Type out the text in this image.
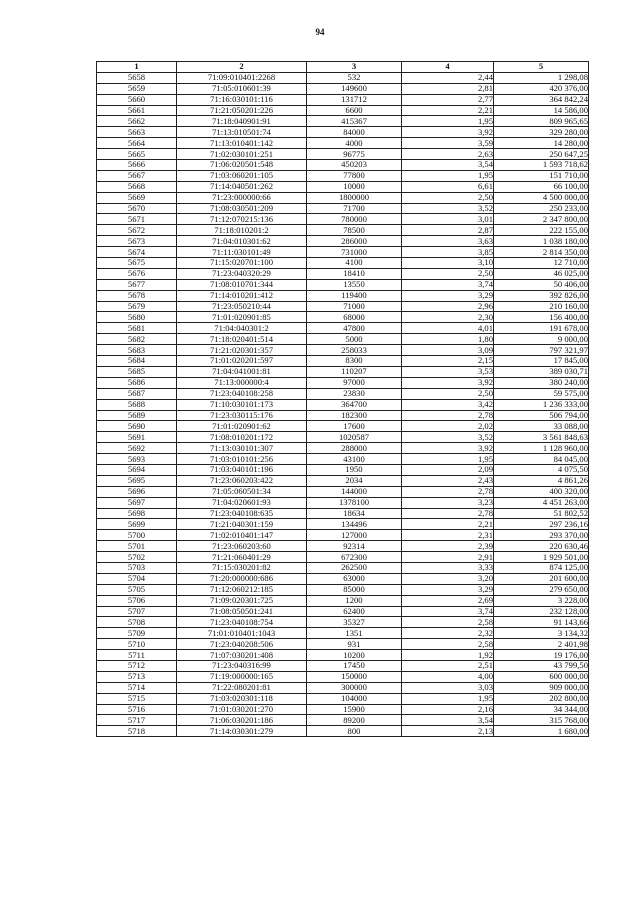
94
1	2	3	4	5
5658	71:09:010401:2268	532	2,44	1 298,08
5659	71:05:010601:39	149600	2,81	420 376,00
5660	71:16:030101:116	131712	2,77	364 842,24
5661	71:21:050201:226	6600	2,21	14 586,00
5662	71:18:040901:91	415367	1,95	809 965,65
5663	71:13:010501:74	84000	3,92	329 280,00
5664	71:13:010401:142	4000	3,59	14 280,00
5665	71:02:030101:251	96775	2,63	250 647,25
5666	71:06:020501:548	450203	3,54	1 593 718,62
5667	71:03:060201:105	77800	1,95	151 710,00
5668	71:14:040501:262	10000	6,61	66 100,00
5669	71:23:000000:66	1800000	2,50	4 500 000,00
5670	71:08:030501:209	71700	3,52	250 233,00
5671	71:12:070215:136	780000	3,01	2 347 800,00
5672	71:18:010201:2	78500	2,87	222 155,00
5673	71:04:010301:62	286000	3,63	1 038 180,00
5674	71:11:030101:49	731000	3,85	2 814 350,00
5675	71:15:020701:100	4100	3,10	12 710,00
5676	71:23:040320:29	18410	2,50	46 025,00
5677	71:08:010701:344	13550	3,74	50 406,00
5678	71:14:010201:412	119400	3,29	392 826,00
5679	71:23:050210:44	71000	2,96	210 160,00
5680	71:01:020901:85	68000	2,30	156 400,00
5681	71:04:040301:2	47800	4,01	191 678,00
5682	71:18:020401:514	5000	1,80	9 000,00
5683	71:21:020301:357	258033	3,09	797 321,97
5684	71:01:020201:597	8300	2,15	17 845,00
5685	71:04:041001:81	110207	3,53	389 030,71
5686	71:13:000000:4	97000	3,92	380 240,00
5687	71:23:040108:258	23830	2,50	59 575,00
5688	71:10:030101:173	364700	3,42	1 236 333,00
5689	71:23:030115:176	182300	2,78	506 794,00
5690	71:01:020901:62	17600	2,02	33 088,00
5691	71:08:010201:172	1020587	3,52	3 561 848,63
5692	71:13:030101:307	288000	3,92	1 128 960,00
5693	71:03:010101:256	43100	1,95	84 045,00
5694	71:03:040101:196	1950	2,09	4 075,50
5695	71:23:060203:422	2034	2,43	4 861,26
5696	71:05:060501:34	144000	2,78	400 320,00
5697	71:04:020601:93	1378100	3,23	4 451 263,00
5698	71:23:040108:635	18634	2,78	51 802,52
5699	71:21:040301:159	134496	2,21	297 236,16
5700	71:02:010401:147	127000	2,31	293 370,00
5701	71:23:060203:60	92314	2,39	220 630,46
5702	71:21:060401:29	672300	2,91	1 929 501,00
5703	71:15:030201:82	262500	3,33	874 125,00
5704	71:20:000000:686	63000	3,20	201 600,00
5705	71:12:060212:185	85000	3,29	279 650,00
5706	71:09:020301:725	1200	2,69	3 228,00
5707	71:08:050501:241	62400	3,74	232 128,00
5708	71:23:040108:754	35327	2,58	91 143,66
5709	71:01:010401:1043	1351	2,32	3 134,32
5710	71:23:040208:506	931	2,58	2 401,98
5711	71:07:030201:408	10200	1,92	19 176,00
5712	71:23:040316:99	17450	2,51	43 799,50
5713	71:19:000000:165	150000	4,00	600 000,00
5714	71:22:080201:81	300000	3,03	909 000,00
5715	71:03:020301:118	104000	1,95	202 800,00
5716	71:01:030201:270	15900	2,16	34 344,00
5717	71:06:030201:186	89200	3,54	315 768,00
5718	71:14:030301:279	800	2,13	1 680,00
